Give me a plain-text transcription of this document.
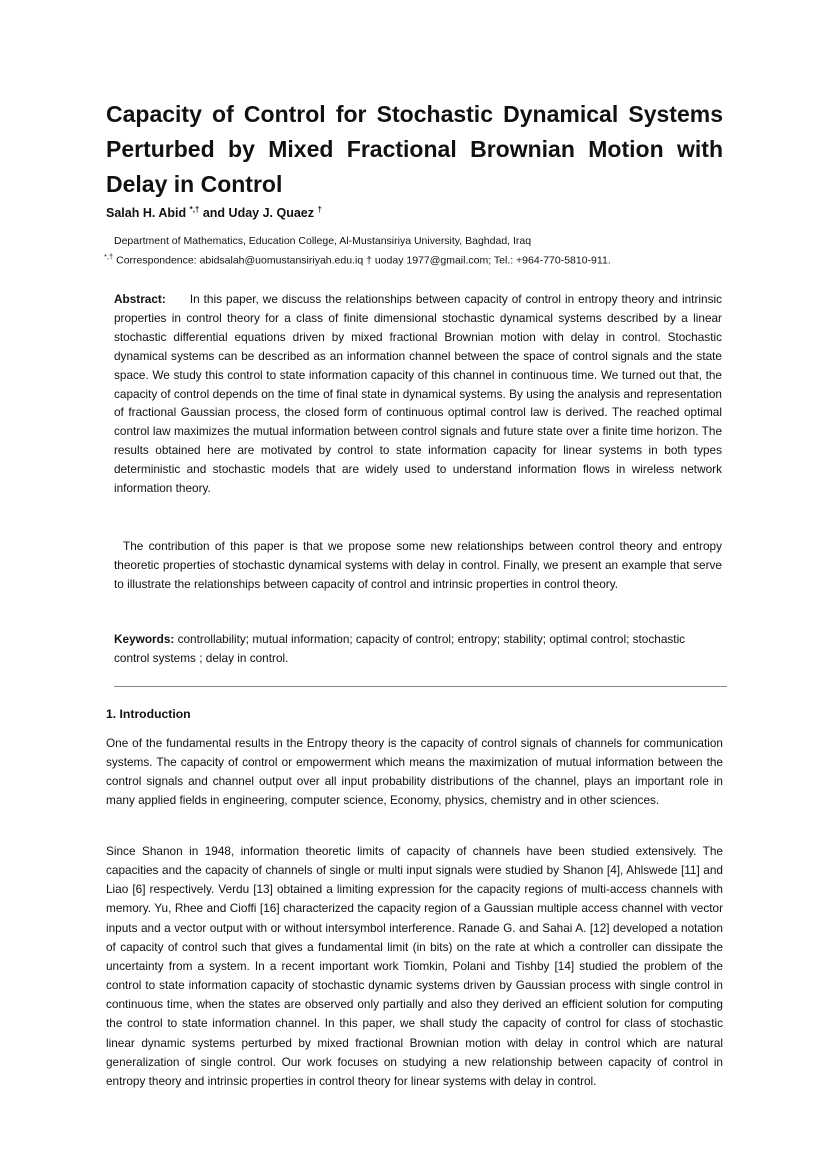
Capacity of Control for Stochastic Dynamical Systems Perturbed by Mixed Fractional Brownian Motion with Delay in Control

Salah H. Abid *,† and Uday J. Quaez †

Department of Mathematics, Education College, Al-Mustansiriya University, Baghdad, Iraq

*,† Correspondence: abidsalah@uomustansiriyah.edu.iq † uoday 1977@gmail.com; Tel.: +964-770-5810-911.

Abstract: In this paper, we discuss the relationships between capacity of control in entropy theory and intrinsic properties in control theory for a class of finite dimensional stochastic dynamical systems described by a linear stochastic differential equations driven by mixed fractional Brownian motion with delay in control. Stochastic dynamical systems can be described as an information channel between the space of control signals and the state space. We study this control to state information capacity of this channel in continuous time. We turned out that, the capacity of control depends on the time of final state in dynamical systems. By using the analysis and representation of fractional Gaussian process, the closed form of continuous optimal control law is derived. The reached optimal control law maximizes the mutual information between control signals and future state over a finite time horizon. The results obtained here are motivated by control to state information capacity for linear systems in both types deterministic and stochastic models that are widely used to understand information flows in wireless network information theory.

The contribution of this paper is that we propose some new relationships between control theory and entropy theoretic properties of stochastic dynamical systems with delay in control. Finally, we present an example that serve to illustrate the relationships between capacity of control and intrinsic properties in control theory.

Keywords: controllability; mutual information; capacity of control; entropy; stability; optimal control; stochastic control systems ; delay in control.

1. Introduction

One of the fundamental results in the Entropy theory is the capacity of control signals of channels for communication systems. The capacity of control or empowerment which means the maximization of mutual information between the control signals and channel output over all input probability distributions of the channel, plays an important role in many applied fields in engineering, computer science, Economy, physics, chemistry and in other sciences.

Since Shanon in 1948, information theoretic limits of capacity of channels have been studied extensively. The capacities and the capacity of channels of single or multi input signals were studied by Shanon [4], Ahlswede [11] and Liao [6] respectively. Verdu [13] obtained a limiting expression for the capacity regions of multi-access channels with memory. Yu, Rhee and Cioffi [16] characterized the capacity region of a Gaussian multiple access channel with vector inputs and a vector output with or without intersymbol interference. Ranade G. and Sahai A. [12] developed a notation of capacity of control such that gives a fundamental limit (in bits) on the rate at which a controller can dissipate the uncertainty from a system. In a recent important work Tiomkin, Polani and Tishby [14] studied the problem of the control to state information capacity of stochastic dynamic systems driven by Gaussian process with single control in continuous time, when the states are observed only partially and also they derived an efficient solution for computing the control to state information channel. In this paper, we shall study the capacity of control for class of stochastic linear dynamic systems perturbed by mixed fractional Brownian motion with delay in control which are natural generalization of single control. Our work focuses on studying a new relationship between capacity of control in entropy theory and intrinsic properties in control theory for linear systems with delay in control.
